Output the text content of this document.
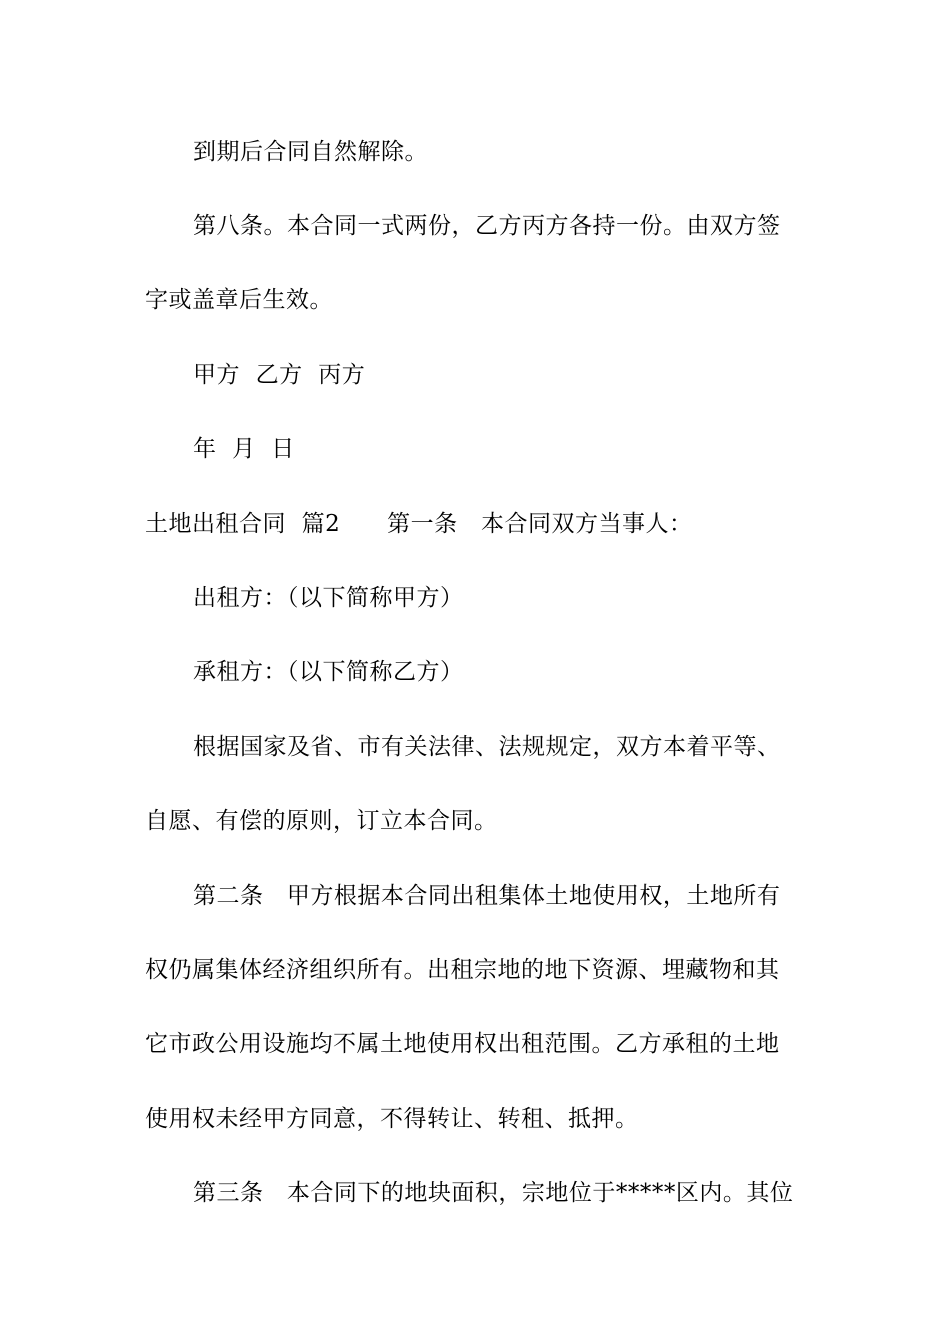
到期后合同自然解除。
第八条。本合同一式两份，乙方丙方各持一份。由双方签
字或盖章后生效。
甲方  乙方  丙方
年  月  日
土地出租合同  篇2      第一条   本合同双方当事人：
出租方：（以下简称甲方）
承租方：（以下简称乙方）
根据国家及省、市有关法律、法规规定，双方本着平等、
自愿、有偿的原则，订立本合同。
第二条   甲方根据本合同出租集体土地使用权，土地所有
权仍属集体经济组织所有。出租宗地的地下资源、埋藏物和其
它市政公用设施均不属土地使用权出租范围。乙方承租的土地
使用权未经甲方同意，不得转让、转租、抵押。
第三条   本合同下的地块面积，宗地位于*****区内。其位
